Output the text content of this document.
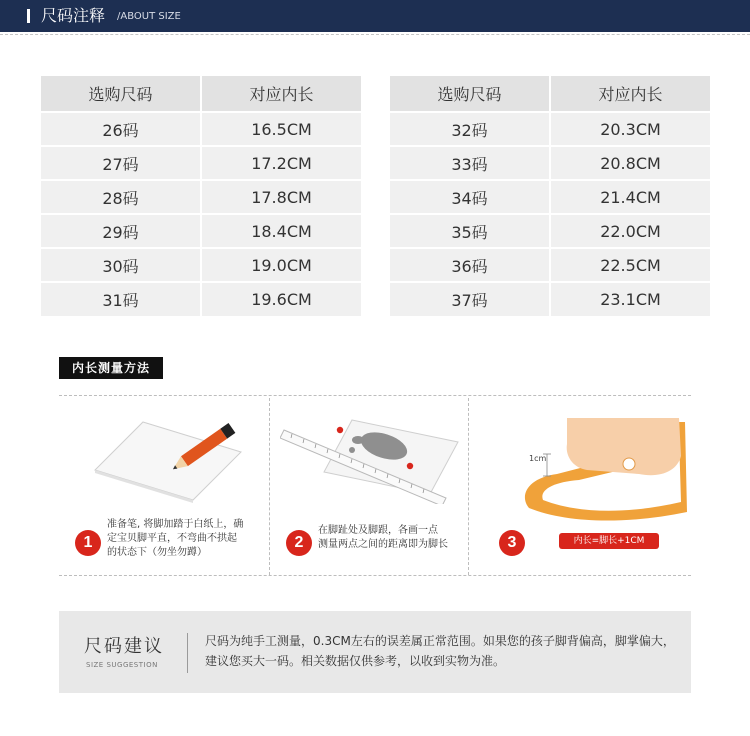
尺码注释 /ABOUT SIZE
选购尺码	对应内长
26码	16.5CM
27码	17.2CM
28码	17.8CM
29码	18.4CM
30码	19.0CM
31码	19.6CM
选购尺码	对应内长
32码	20.3CM
33码	20.8CM
34码	21.4CM
35码	22.0CM
36码	22.5CM
37码	23.1CM
内长测量方法
1
准备笔, 将脚加踏于白纸上，确
定宝贝脚平直，不弯曲不拱起
的状态下（勿坐勿蹲）
2
在脚趾处及脚跟，各画一点
测量两点之间的距离即为脚长
1cm
3	内长=脚长+1CM
尺码建议
SIZE SUGGESTION
尺码为纯手工测量，0.3CM左右的误差属正常范围。如果您的孩子脚背偏高，脚掌偏大，建议您买大一码。相关数据仅供参考，以收到实物为准。
